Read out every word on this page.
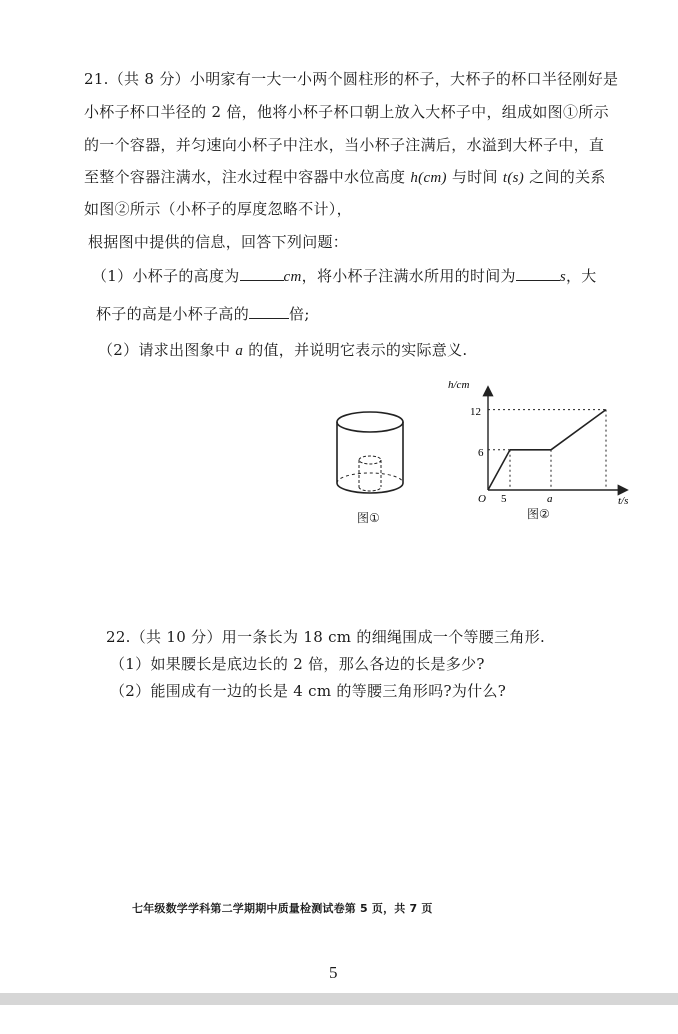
21.（共 8 分）小明家有一大一小两个圆柱形的杯子，大杯子的杯口半径刚好是
小杯子杯口半径的 2 倍，他将小杯子杯口朝上放入大杯子中，组成如图①所示
的一个容器，并匀速向小杯子中注水，当小杯子注满后，水溢到大杯子中，直
至整个容器注满水，注水过程中容器中水位高度 h(cm) 与时间 t(s) 之间的关系
如图②所示（小杯子的厚度忽略不计），
根据图中提供的信息，回答下列问题：
（1）小杯子的高度为	cm，将小杯子注满水所用的时间为	s，大
杯子的高是小杯子高的	倍;
（2）请求出图象中 a 的值，并说明它表示的实际意义.
图①
h/cm
t/s
12
6
O 5	a
图②
22.（共 10 分）用一条长为 18 cm 的细绳围成一个等腰三角形.
（1）如果腰长是底边长的 2 倍，那么各边的长是多少?
（2）能围成有一边的长是 4 cm 的等腰三角形吗?为什么?
七年级数学学科第二学期期中质量检测试卷第 5 页，共 7 页
5
